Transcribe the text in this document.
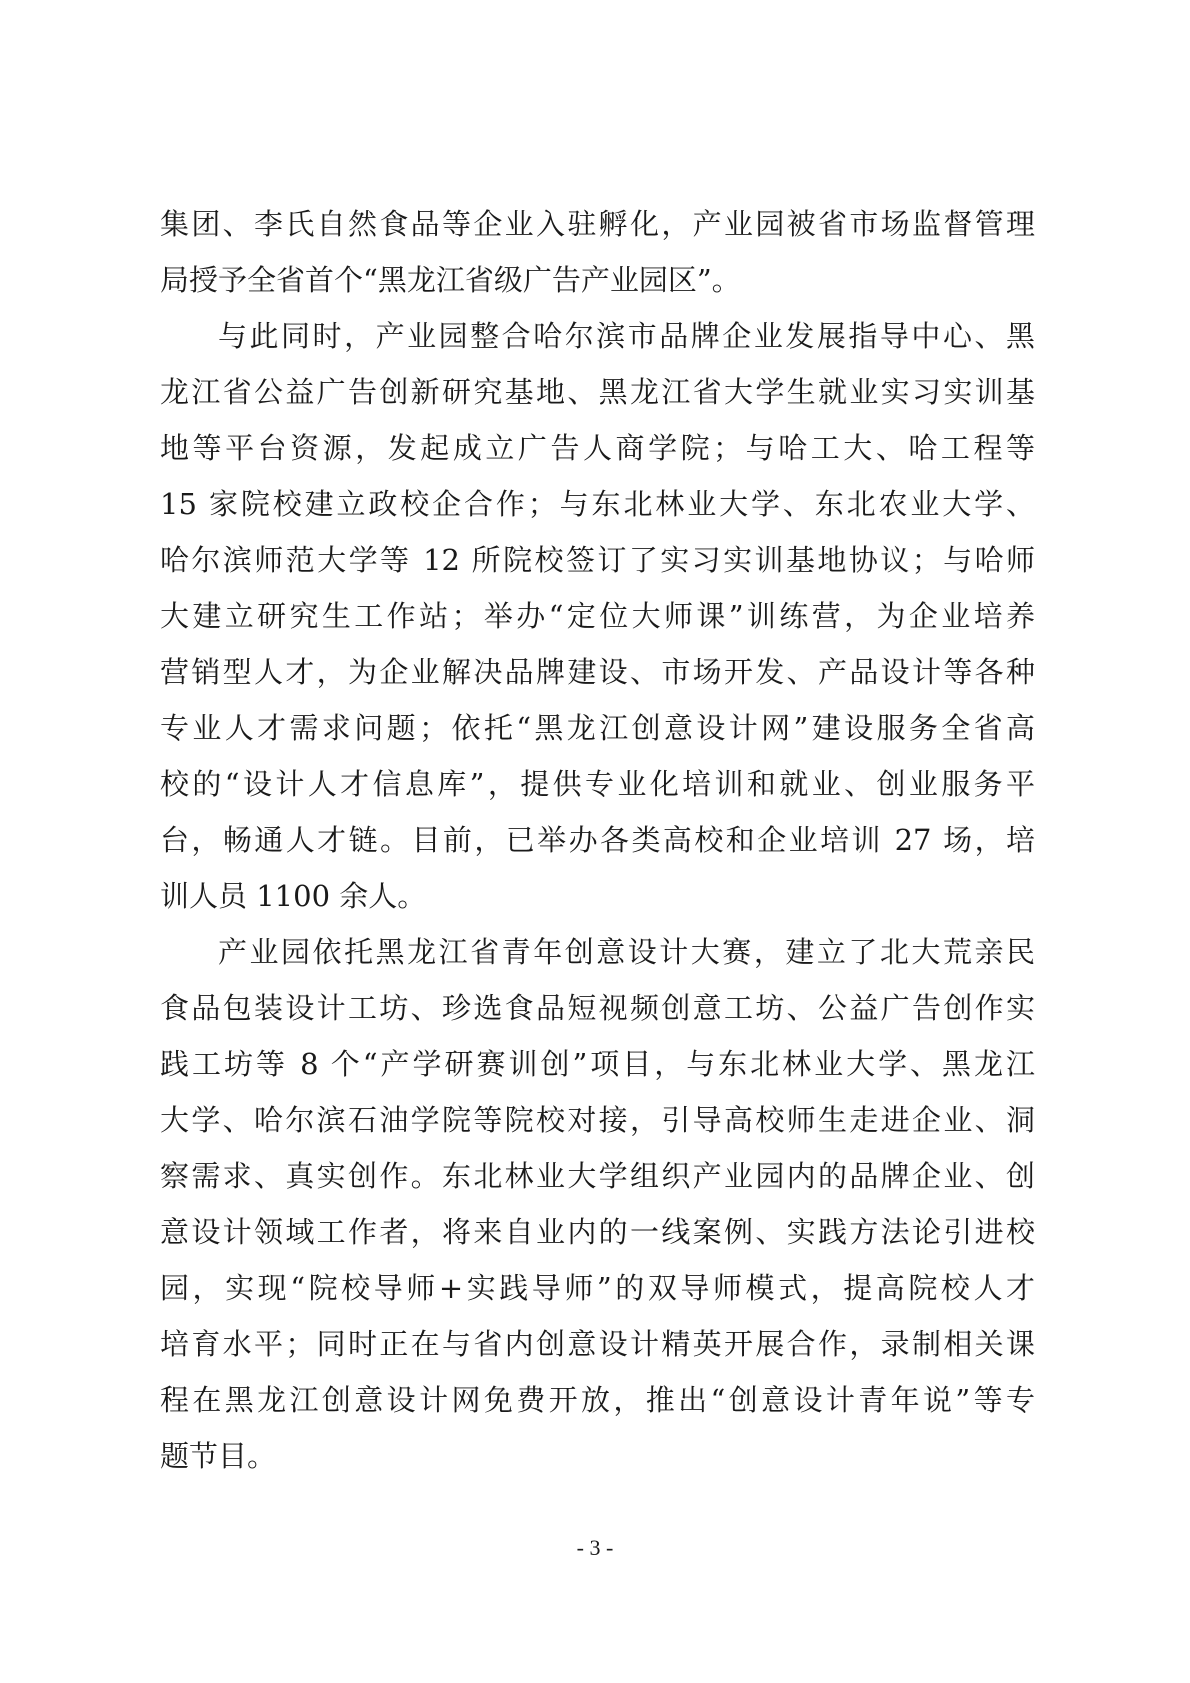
集团、李氏自然食品等企业入驻孵化，产业园被省市场监督管理
局授予全省首个“黑龙江省级广告产业园区”。
与此同时，产业园整合哈尔滨市品牌企业发展指导中心、黑
龙江省公益广告创新研究基地、黑龙江省大学生就业实习实训基
地等平台资源，发起成立广告人商学院；与哈工大、哈工程等
15 家院校建立政校企合作；与东北林业大学、东北农业大学、
哈尔滨师范大学等 12 所院校签订了实习实训基地协议；与哈师
大建立研究生工作站；举办“定位大师课”训练营，为企业培养
营销型人才，为企业解决品牌建设、市场开发、产品设计等各种
专业人才需求问题；依托“黑龙江创意设计网”建设服务全省高
校的“设计人才信息库”，提供专业化培训和就业、创业服务平
台，畅通人才链。目前，已举办各类高校和企业培训 27 场，培
训人员 1100 余人。
产业园依托黑龙江省青年创意设计大赛，建立了北大荒亲民
食品包装设计工坊、珍选食品短视频创意工坊、公益广告创作实
践工坊等 8 个“产学研赛训创”项目，与东北林业大学、黑龙江
大学、哈尔滨石油学院等院校对接，引导高校师生走进企业、洞
察需求、真实创作。东北林业大学组织产业园内的品牌企业、创
意设计领域工作者，将来自业内的一线案例、实践方法论引进校
园，实现“院校导师+实践导师”的双导师模式，提高院校人才
培育水平；同时正在与省内创意设计精英开展合作，录制相关课
程在黑龙江创意设计网免费开放，推出“创意设计青年说”等专
题节目。
- 3 -
